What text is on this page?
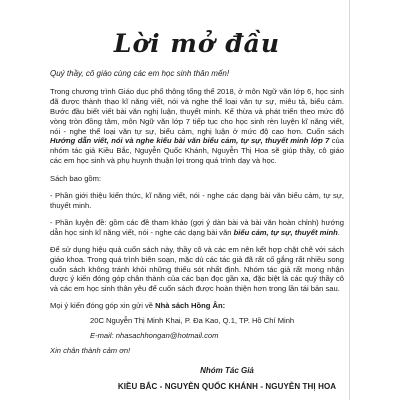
Lời mở đầu

Quý thầy, cô giáo cùng các em học sinh thân mến!

Trong chương trình Giáo dục phổ thông tổng thể 2018, ở môn Ngữ văn lớp 6, học sinh đã được thành thạo kĩ năng viết, nói và nghe thể loại văn tự sự, miêu tả, biểu cảm. Bước đầu biết viết bài văn nghị luận, thuyết minh. Kế thừa và phát triển theo mức độ vòng tròn đồng tâm, môn Ngữ văn lớp 7 tiếp tục cho học sinh rèn luyện kĩ năng viết, nói - nghe thể loại văn tự sự, biểu cảm, nghị luận ở mức độ cao hơn. Cuốn sách Hướng dẫn viết, nói và nghe kiểu bài văn biểu cảm, tự sự, thuyết minh lớp 7 của nhóm tác giả Kiều Bắc, Nguyễn Quốc Khánh, Nguyễn Thị Hoa sẽ giúp thầy, cô giáo các em học sinh và phụ huynh thuận lợi trong quá trình dạy và học.

Sách bao gồm:

- Phần giới thiệu kiến thức, kĩ năng viết, nói - nghe các dạng bài văn biểu cảm, tự sự, thuyết minh.

- Phần luyện đề: gồm các đề tham khảo (gợi ý dàn bài và bài văn hoàn chỉnh) hướng dẫn học sinh kĩ năng viết, nói - nghe các dạng bài văn biểu cảm, tự sự, thuyết minh.

Để sử dụng hiệu quả cuốn sách này, thầy cô và các em nên kết hợp chặt chẽ với sách giáo khoa. Trong quá trình biên soạn, mặc dù các tác giả đã rất cố gắng rất nhiều song cuốn sách không tránh khỏi những thiếu sót nhất định. Nhóm tác giả rất mong nhận được ý kiến đóng góp chân thành của các bạn đọc gần xa, đặc biệt là các quý thầy cô và các em học sinh thân yêu để cuốn sách được hoàn thiện hơn trong lần tái bản sau.

Mọi ý kiến đóng góp xin gửi về Nhà sách Hồng Ân:

20C Nguyễn Thị Minh Khai, P. Đa Kao, Q.1, TP. Hồ Chí Minh

E-mail: nhasachhongan@hotmail.com

Xin chân thành cảm ơn!

Nhóm Tác Giả

KIỀU BẮC - NGUYỄN QUỐC KHÁNH - NGUYỄN THỊ HOA
